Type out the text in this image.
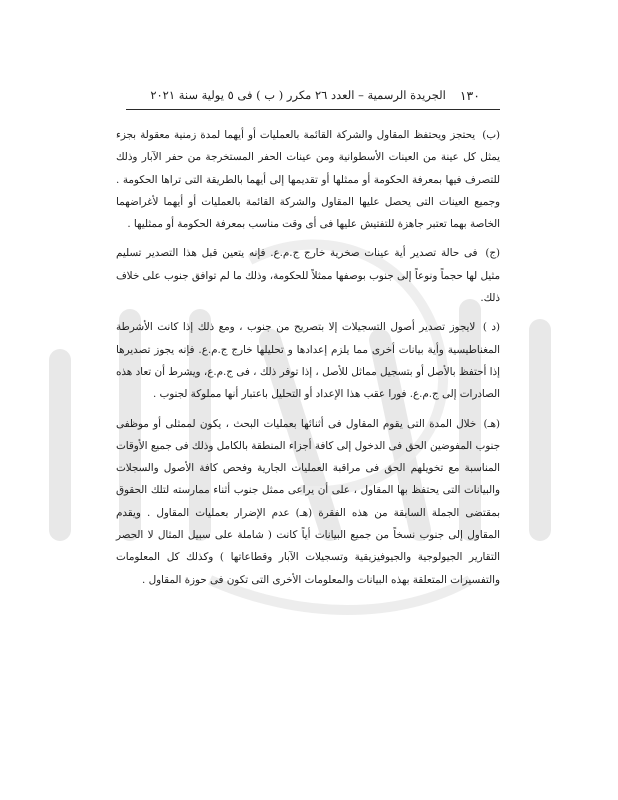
١٣٠
الجريدة الرسمية – العدد ٢٦ مكرر ( ب ) فى ٥ يولية سنة ٢٠٢١

(ب) يحتجز ويحتفظ المقاول والشركة القائمة بالعمليات أو أيهما لمدة زمنية معقولة بجزء يمثل كل عينة من العينات الأسطوانية ومن عينات الحفر المستخرجة من حفر الآبار وذلك للتصرف فيها بمعرفة الحكومة أو ممثلها أو تقديمها إلى أيهما بالطريقة التى تراها الحكومة . وجميع العينات التى يحصل عليها المقاول والشركة القائمة بالعمليات أو أيهما لأغراضهما الخاصة بهما تعتبر جاهزة للتفتيش عليها فى أى وقت مناسب بمعرفة الحكومة أو ممثليها .

(ج) فى حالة تصدير أية عينات صخرية خارج ج.م.ع. فإنه يتعين قبل هذا التصدير تسليم مثيل لها حجماً ونوعاً إلى جنوب بوصفها ممثلاً للحكومة، وذلك ما لم توافق جنوب على خلاف ذلك.

(د ) لايجوز تصدير أصول التسجيلات إلا بتصريح من جنوب ، ومع ذلك إذا كانت الأشرطة المغناطيسية وأية بيانات أخرى مما يلزم إعدادها و تحليلها خارج ج.م.ع. فإنه يجوز تصديرها إذا أحتفظ بالأصل أو بتسجيل مماثل للأصل ، إذا توفر ذلك ، فى ج.م.ع، ويشرط أن تعاد هذه الصادرات إلى ج.م.ع. فورا عقب هذا الإعداد أو التحليل باعتبار أنها مملوكة لجنوب .

(هـ) خلال المدة التى يقوم المقاول فى أثنائها بعمليات البحث ، يكون لممثلى أو موظفى جنوب المفوضين الحق فى الدخول إلى كافة أجزاء المنطقة بالكامل وذلك فى جميع الأوقات المناسبة مع تخويلهم الحق فى مراقبة العمليات الجارية وفحص كافة الأصول والسجلات والبيانات التى يحتفظ بها المقاول ، على أن يراعى ممثل جنوب أثناء ممارسته لتلك الحقوق بمقتضى الجملة السابقة من هذه الفقرة (هـ) عدم الإضرار بعمليات المقاول . ويقدم المقاول إلى جنوب نسخاً من جميع البيانات أياً كانت ( شاملة على سبيل المثال لا الحصر التقارير الجيولوجية والجيوفيزيقية وتسجيلات الآبار وقطاعاتها ) وكذلك كل المعلومات والتفسيرات المتعلقة بهذه البيانات والمعلومات الأخرى التى تكون فى حوزة المقاول .
